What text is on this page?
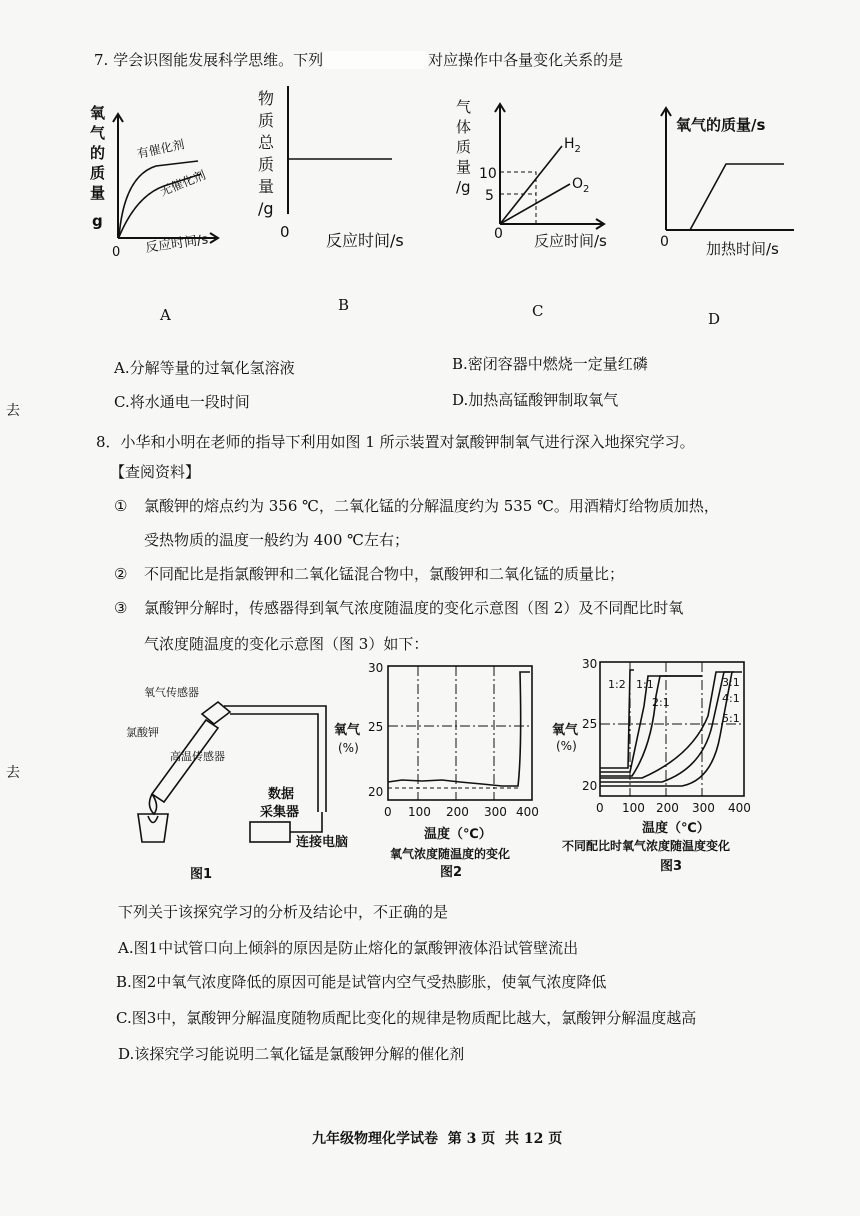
7. 学会识图能发展科学思维。下列	对应操作中各量变化关系的是
氧
气
的
质
量
g
有催化剂
无催化剂
0 反应时间/s
A
物
质
总
质
量
/g
0 反应时间/s
B
气
体
质
量
/g
10
5
$H_2$
$O_2$
0 反应时间/s
C
氧气的质量/s
0 加热时间/s
D
A.分解等量的过氧化氢溶液	B.密闭容器中燃烧一定量红磷
C.将水通电一段时间	D.加热高锰酸钾制取氧气
去
去
8．小华和小明在老师的指导下利用如图 1 所示装置对氯酸钾制氧气进行深入地探究学习。
【查阅资料】
① 氯酸钾的熔点约为 356 ℃，二氧化锰的分解温度约为 535 ℃。用酒精灯给物质加热，
受热物质的温度一般约为 400 ℃左右；
② 不同配比是指氯酸钾和二氧化锰混合物中，氯酸钾和二氧化锰的质量比；
③ 氯酸钾分解时，传感器得到氧气浓度随温度的变化示意图（图 2）及不同配比时氧
气浓度随温度的变化示意图（图 3）如下：
氧气传感器
氯酸钾
高温传感器
数据
采集器
连接电脑
图1
氧气
(%)
30
25
20
0 100 200 300 400
温度（℃）
氧气浓度随温度的变化
图2
氧气
(%)
30
25
20
1:2 1:1
2:1
3:1
4:1
5:1
0 100 200 300 400
温度（℃）
不同配比时氧气浓度随温度变化
图3
下列关于该探究学习的分析及结论中，不正确的是
A.图1中试管口向上倾斜的原因是防止熔化的氯酸钾液体沿试管壁流出
B.图2中氧气浓度降低的原因可能是试管内空气受热膨胀，使氧气浓度降低
C.图3中，氯酸钾分解温度随物质配比变化的规律是物质配比越大，氯酸钾分解温度越高
D.该探究学习能说明二氧化锰是氯酸钾分解的催化剂
九年级物理化学试卷  第 3 页  共 12 页
